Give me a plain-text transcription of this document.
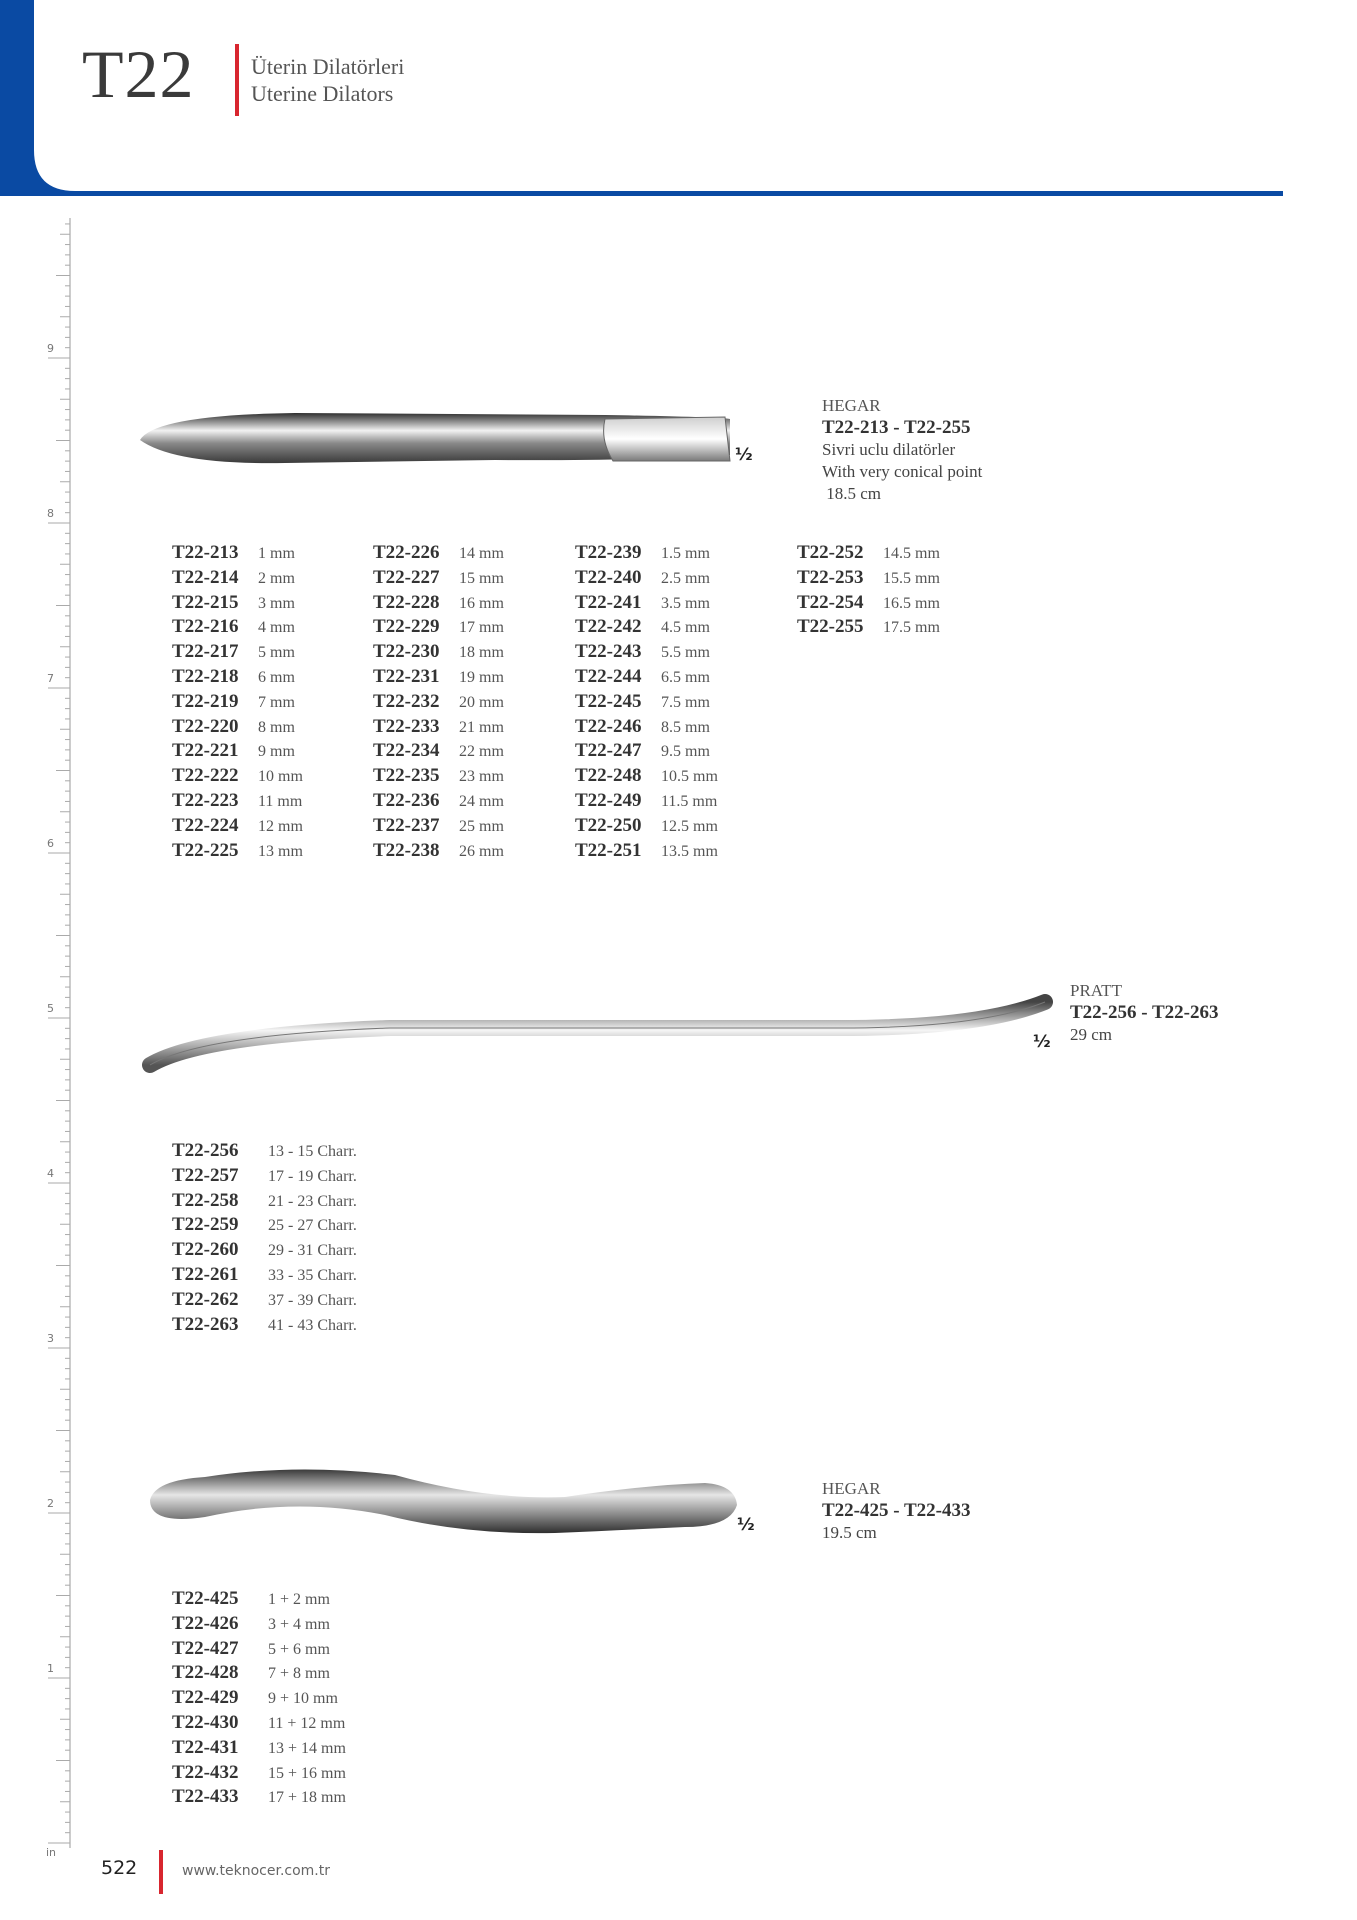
T22	Üterin Dilatörleri
Uterine Dilators
9
8
7
6
5
4
3
2
1
in
½
HEGAR
T22-213 - T22-255
Sivri uclu dilatörler
With very conical point
18.5 cm
T22-213 1 mm
T22-214 2 mm
T22-215 3 mm
T22-216 4 mm
T22-217 5 mm
T22-218 6 mm
T22-219 7 mm
T22-220 8 mm
T22-221 9 mm
T22-222 10 mm
T22-223 11 mm
T22-224 12 mm
T22-225 13 mm
T22-226 14 mm
T22-227 15 mm
T22-228 16 mm
T22-229 17 mm
T22-230 18 mm
T22-231 19 mm
T22-232 20 mm
T22-233 21 mm
T22-234 22 mm
T22-235 23 mm
T22-236 24 mm
T22-237 25 mm
T22-238 26 mm
T22-239 1.5 mm
T22-240 2.5 mm
T22-241 3.5 mm
T22-242 4.5 mm
T22-243 5.5 mm
T22-244 6.5 mm
T22-245 7.5 mm
T22-246 8.5 mm
T22-247 9.5 mm
T22-248 10.5 mm
T22-249 11.5 mm
T22-250 12.5 mm
T22-251 13.5 mm
T22-252 14.5 mm
T22-253 15.5 mm
T22-254 16.5 mm
T22-255 17.5 mm
½
PRATT
T22-256 - T22-263
29 cm
T22-256 13 - 15 Charr.
T22-257 17 - 19 Charr.
T22-258 21 - 23 Charr.
T22-259 25 - 27 Charr.
T22-260 29 - 31 Charr.
T22-261 33 - 35 Charr.
T22-262 37 - 39 Charr.
T22-263 41 - 43 Charr.
½
HEGAR
T22-425 - T22-433
19.5 cm
T22-425 1 + 2 mm
T22-426 3 + 4 mm
T22-427 5 + 6 mm
T22-428 7 + 8 mm
T22-429 9 + 10 mm
T22-430 11 + 12 mm
T22-431 13 + 14 mm
T22-432 15 + 16 mm
T22-433 17 + 18 mm
522	www.teknocer.com.tr
